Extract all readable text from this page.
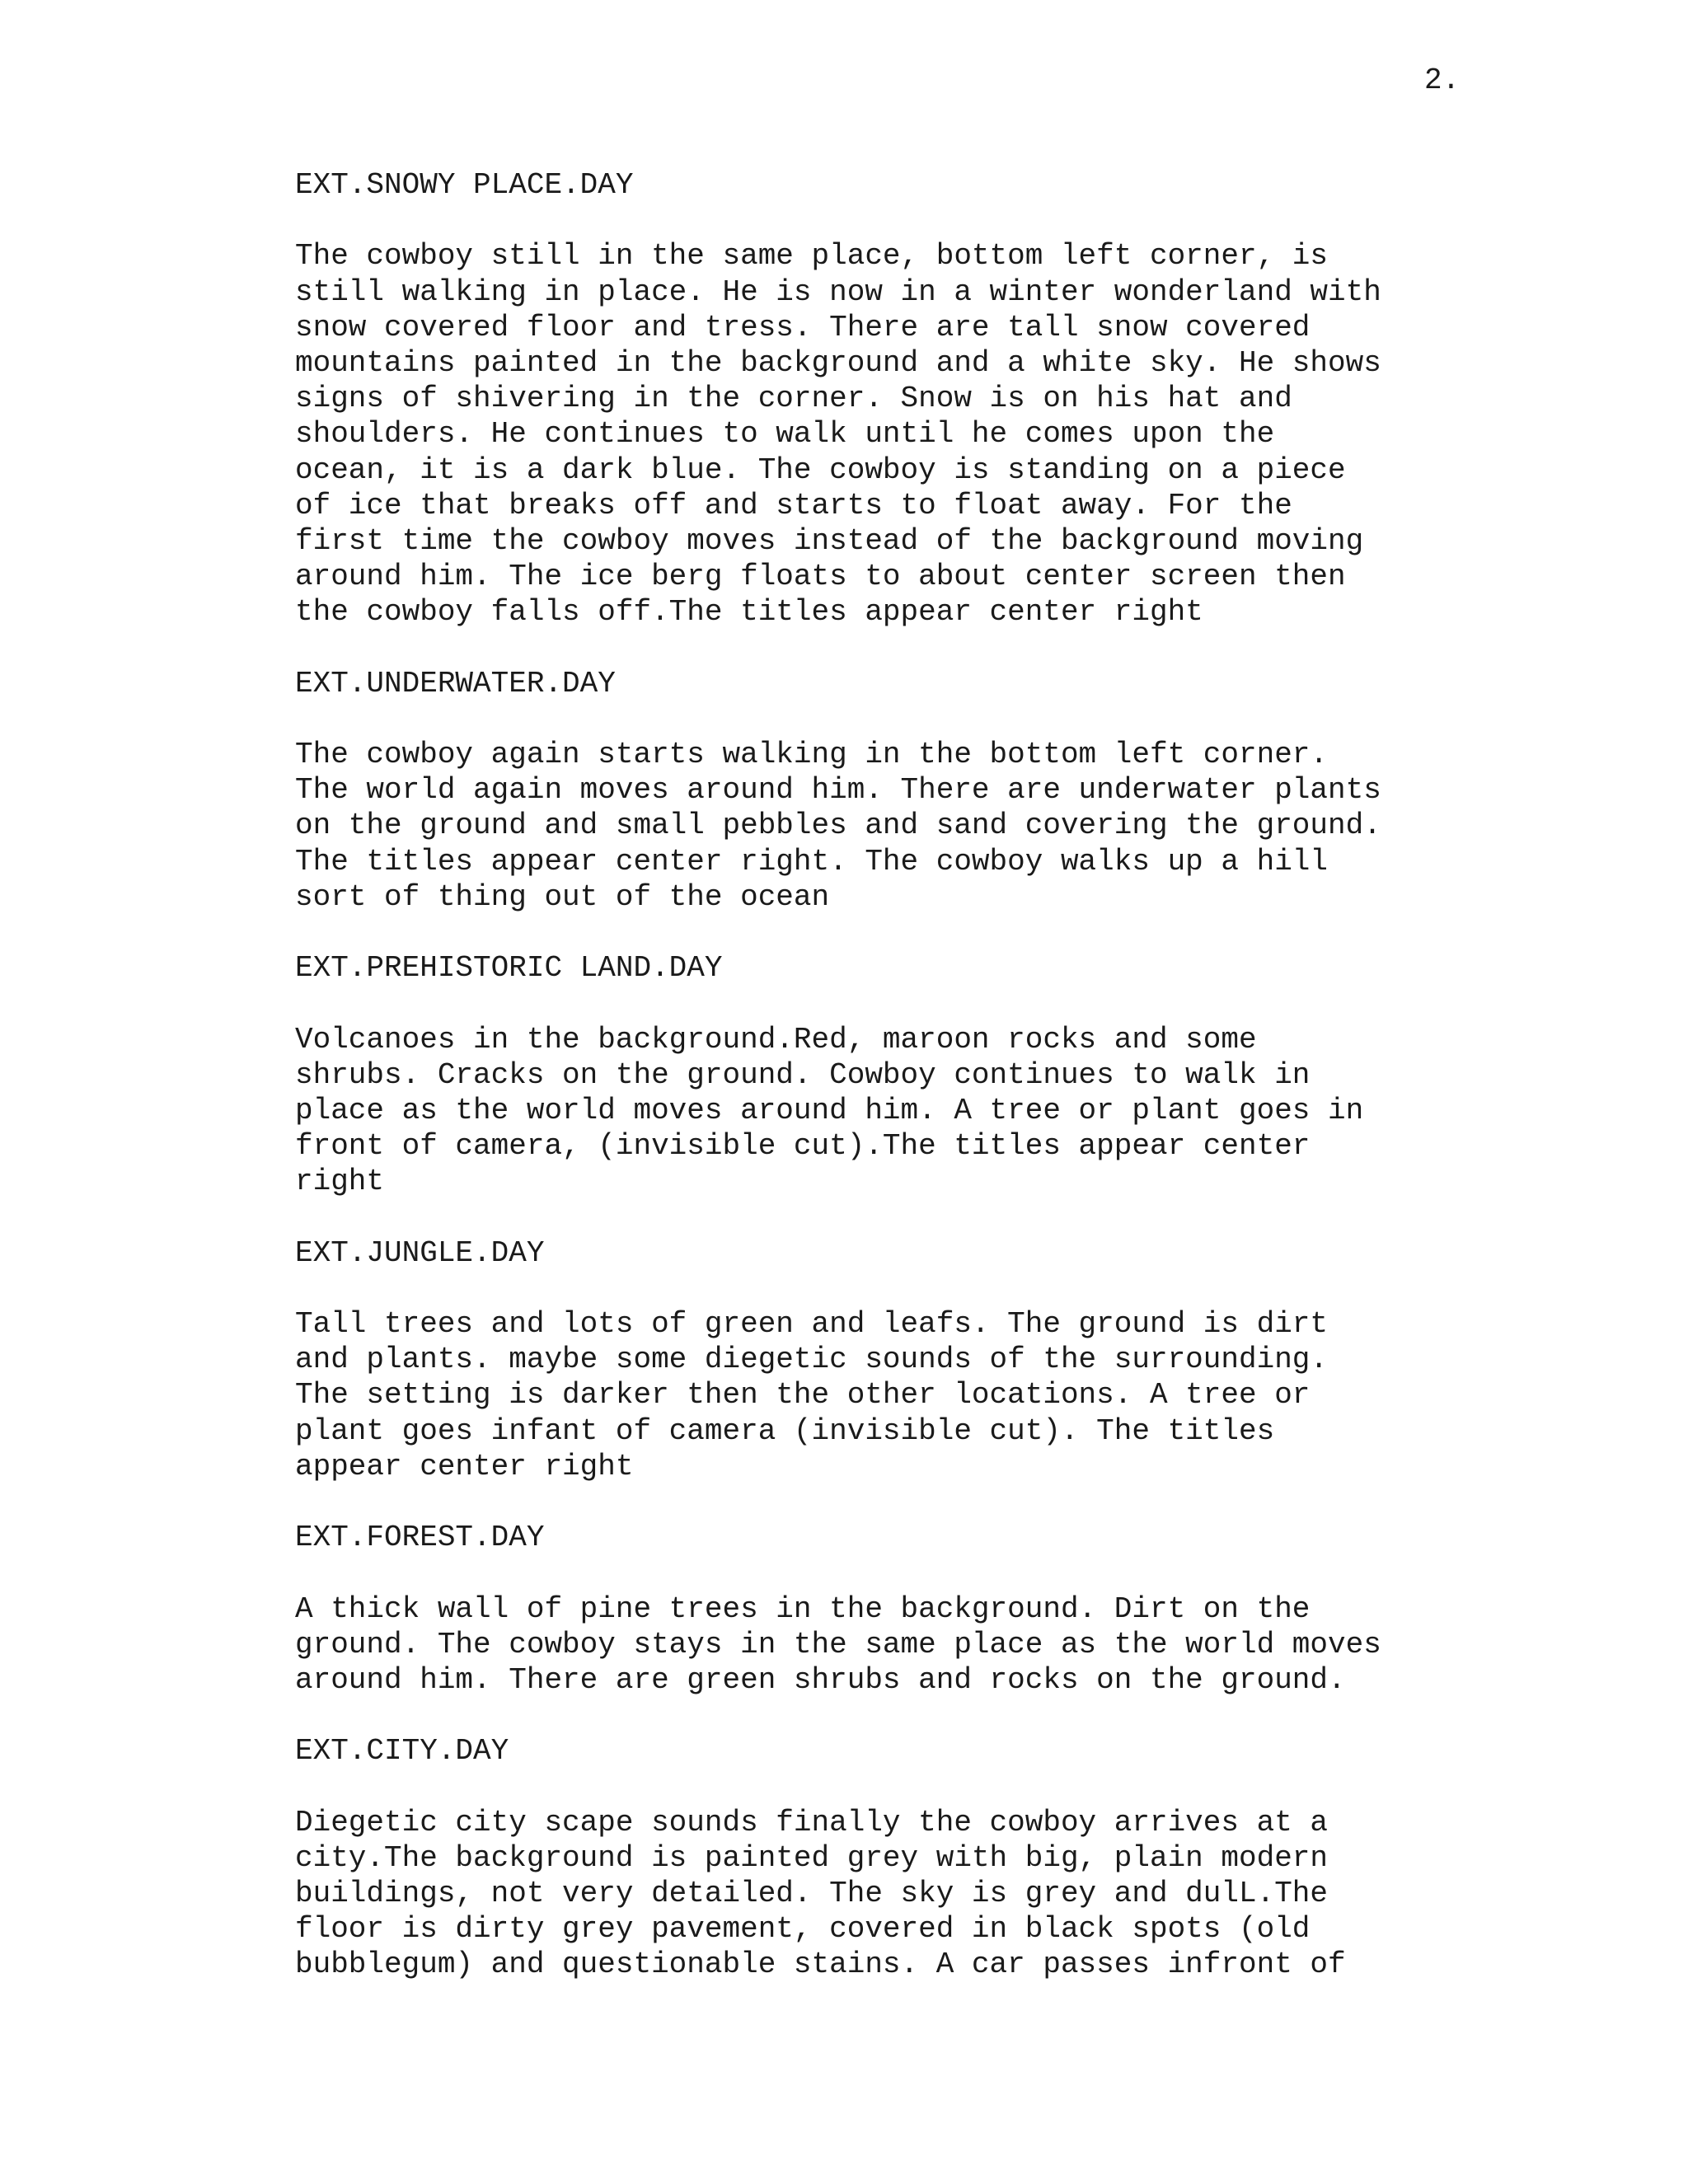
2.
EXT.SNOWY PLACE.DAY
The cowboy still in the same place, bottom left corner, is
still walking in place. He is now in a winter wonderland with
snow covered floor and tress. There are tall snow covered
mountains painted in the background and a white sky. He shows
signs of shivering in the corner. Snow is on his hat and
shoulders. He continues to walk until he comes upon the
ocean, it is a dark blue. The cowboy is standing on a piece
of ice that breaks off and starts to float away. For the
first time the cowboy moves instead of the background moving
around him. The ice berg floats to about center screen then
the cowboy falls off.The titles appear center right
EXT.UNDERWATER.DAY
The cowboy again starts walking in the bottom left corner.
The world again moves around him. There are underwater plants
on the ground and small pebbles and sand covering the ground.
The titles appear center right. The cowboy walks up a hill
sort of thing out of the ocean
EXT.PREHISTORIC LAND.DAY
Volcanoes in the background.Red, maroon rocks and some
shrubs. Cracks on the ground. Cowboy continues to walk in
place as the world moves around him. A tree or plant goes in
front of camera, (invisible cut).The titles appear center
right
EXT.JUNGLE.DAY
Tall trees and lots of green and leafs. The ground is dirt
and plants. maybe some diegetic sounds of the surrounding.
The setting is darker then the other locations. A tree or
plant goes infant of camera (invisible cut). The titles
appear center right
EXT.FOREST.DAY
A thick wall of pine trees in the background. Dirt on the
ground. The cowboy stays in the same place as the world moves
around him. There are green shrubs and rocks on the ground.
EXT.CITY.DAY
Diegetic city scape sounds finally the cowboy arrives at a
city.The background is painted grey with big, plain modern
buildings, not very detailed. The sky is grey and dulL.The
floor is dirty grey pavement, covered in black spots (old
bubblegum) and questionable stains. A car passes infront of
